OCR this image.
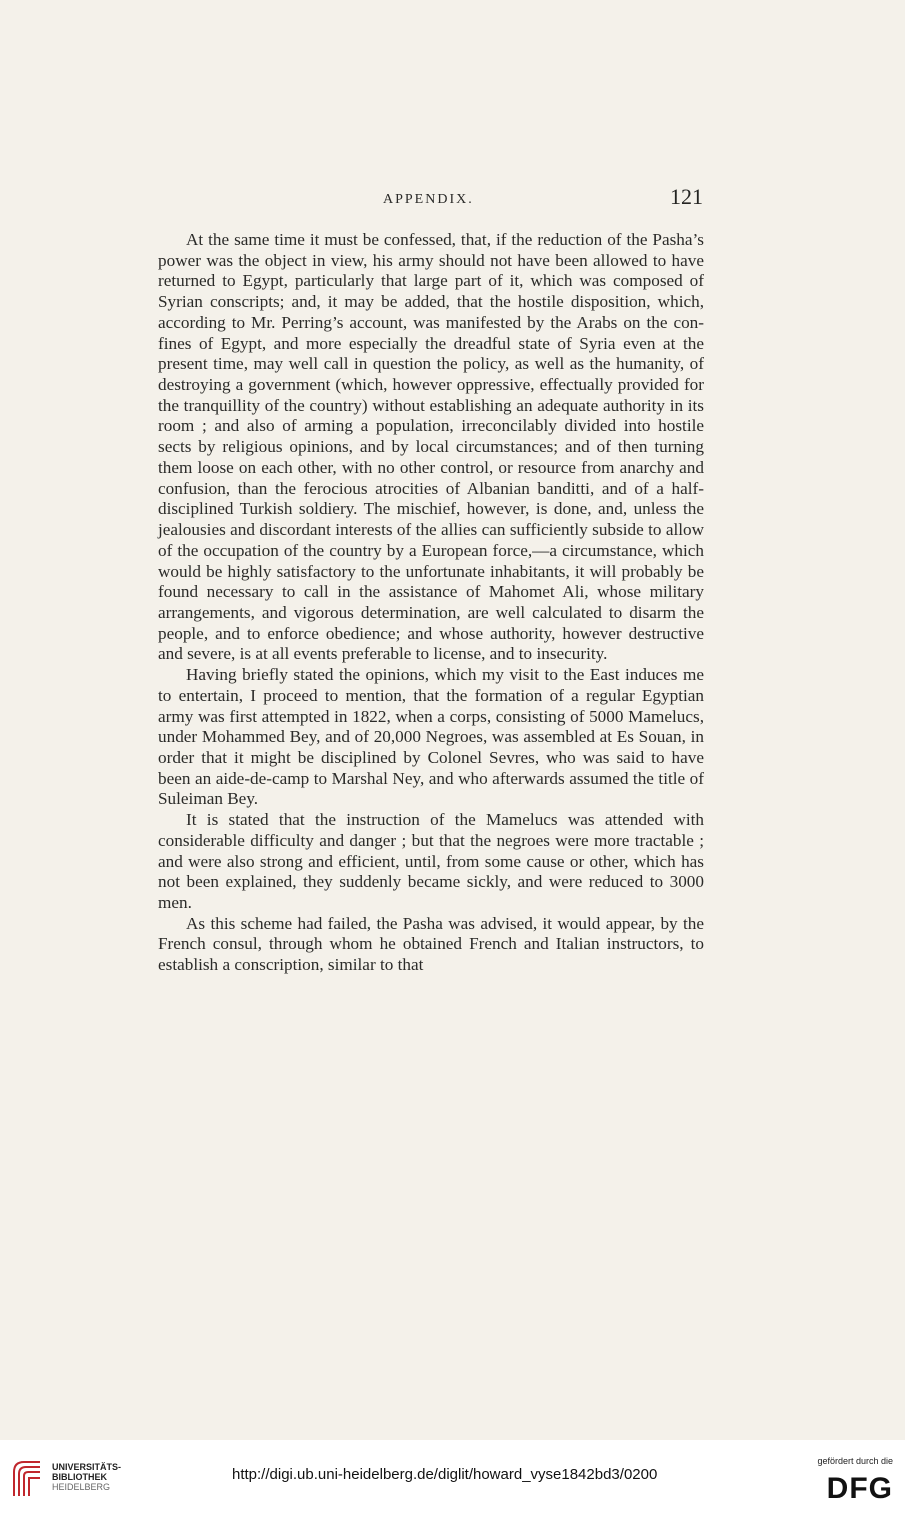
APPENDIX.	121

At the same time it must be confessed, that, if the reduction of the Pasha’s power was the object in view, his army should not have been allowed to have returned to Egypt, particularly that large part of it, which was composed of Syrian conscripts; and, it may be added, that the hostile disposition, which, according to Mr. Perring’s account, was manifested by the Arabs on the confines of Egypt, and more especially the dreadful state of Syria even at the present time, may well call in question the policy, as well as the humanity, of destroying a government (which, however oppressive, effectually provided for the tranquillity of the country) without establishing an adequate authority in its room ; and also of arming a population, irreconcilably divided into hostile sects by religious opinions, and by local circumstances; and of then turning them loose on each other, with no other control, or resource from anarchy and confusion, than the ferocious atrocities of Albanian banditti, and of a half-disciplined Turkish soldiery. The mischief, however, is done, and, unless the jealousies and discordant interests of the allies can sufficiently subside to allow of the occupation of the country by a European force,—a circumstance, which would be highly satisfactory to the unfortunate inhabitants, it will probably be found necessary to call in the assistance of Mahomet Ali, whose military arrangements, and vigorous determination, are well calculated to disarm the people, and to enforce obedience; and whose authority, however destructive and severe, is at all events preferable to license, and to insecurity.

Having briefly stated the opinions, which my visit to the East induces me to entertain, I proceed to mention, that the formation of a regular Egyptian army was first attempted in 1822, when a corps, consisting of 5000 Mamelucs, under Mohammed Bey, and of 20,000 Negroes, was assembled at Es Souan, in order that it might be disciplined by Colonel Sevres, who was said to have been an aide-de-camp to Marshal Ney, and who afterwards assumed the title of Suleiman Bey.

It is stated that the instruction of the Mamelucs was attended with considerable difficulty and danger ; but that the negroes were more tractable ; and were also strong and efficient, until, from some cause or other, which has not been explained, they suddenly became sickly, and were reduced to 3000 men.

As this scheme had failed, the Pasha was advised, it would appear, by the French consul, through whom he obtained French and Italian instructors, to establish a conscription, similar to that

UNIVERSITÄTS-
BIBLIOTHEK
HEIDELBERG
http://digi.ub.uni-heidelberg.de/diglit/howard_vyse1842bd3/0200
gefördert durch die
DFG
